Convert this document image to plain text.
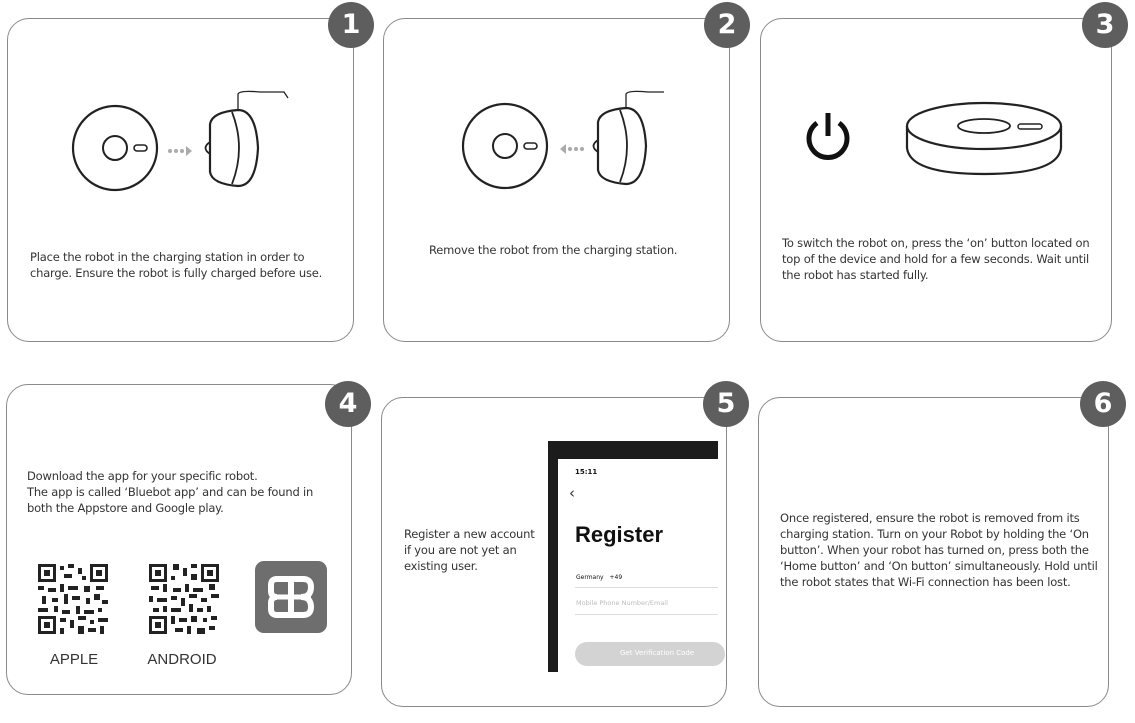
1
Place the robot in the charging station in order to
charge. Ensure the robot is fully charged before use.
2
Remove the robot from the charging station.
3
To switch the robot on, press the ‘on’ button located on
top of the device and hold for a few seconds. Wait until
the robot has started fully.
4
Download the app for your specific robot.
The app is called ‘Bluebot app’ and can be found in
both the Appstore and Google play.
APPLE	ANDROID
5
Register a new account
if you are not yet an
existing user.
15:11
‹
Register
Germany +49
Mobile Phone Number/Email
Get Verification Code
6
Once registered, ensure the robot is removed from its
charging station. Turn on your Robot by holding the ‘On
button’. When your robot has turned on, press both the
‘Home button’ and ‘On button’ simultaneously. Hold until
the robot states that Wi-Fi connection has been lost.
